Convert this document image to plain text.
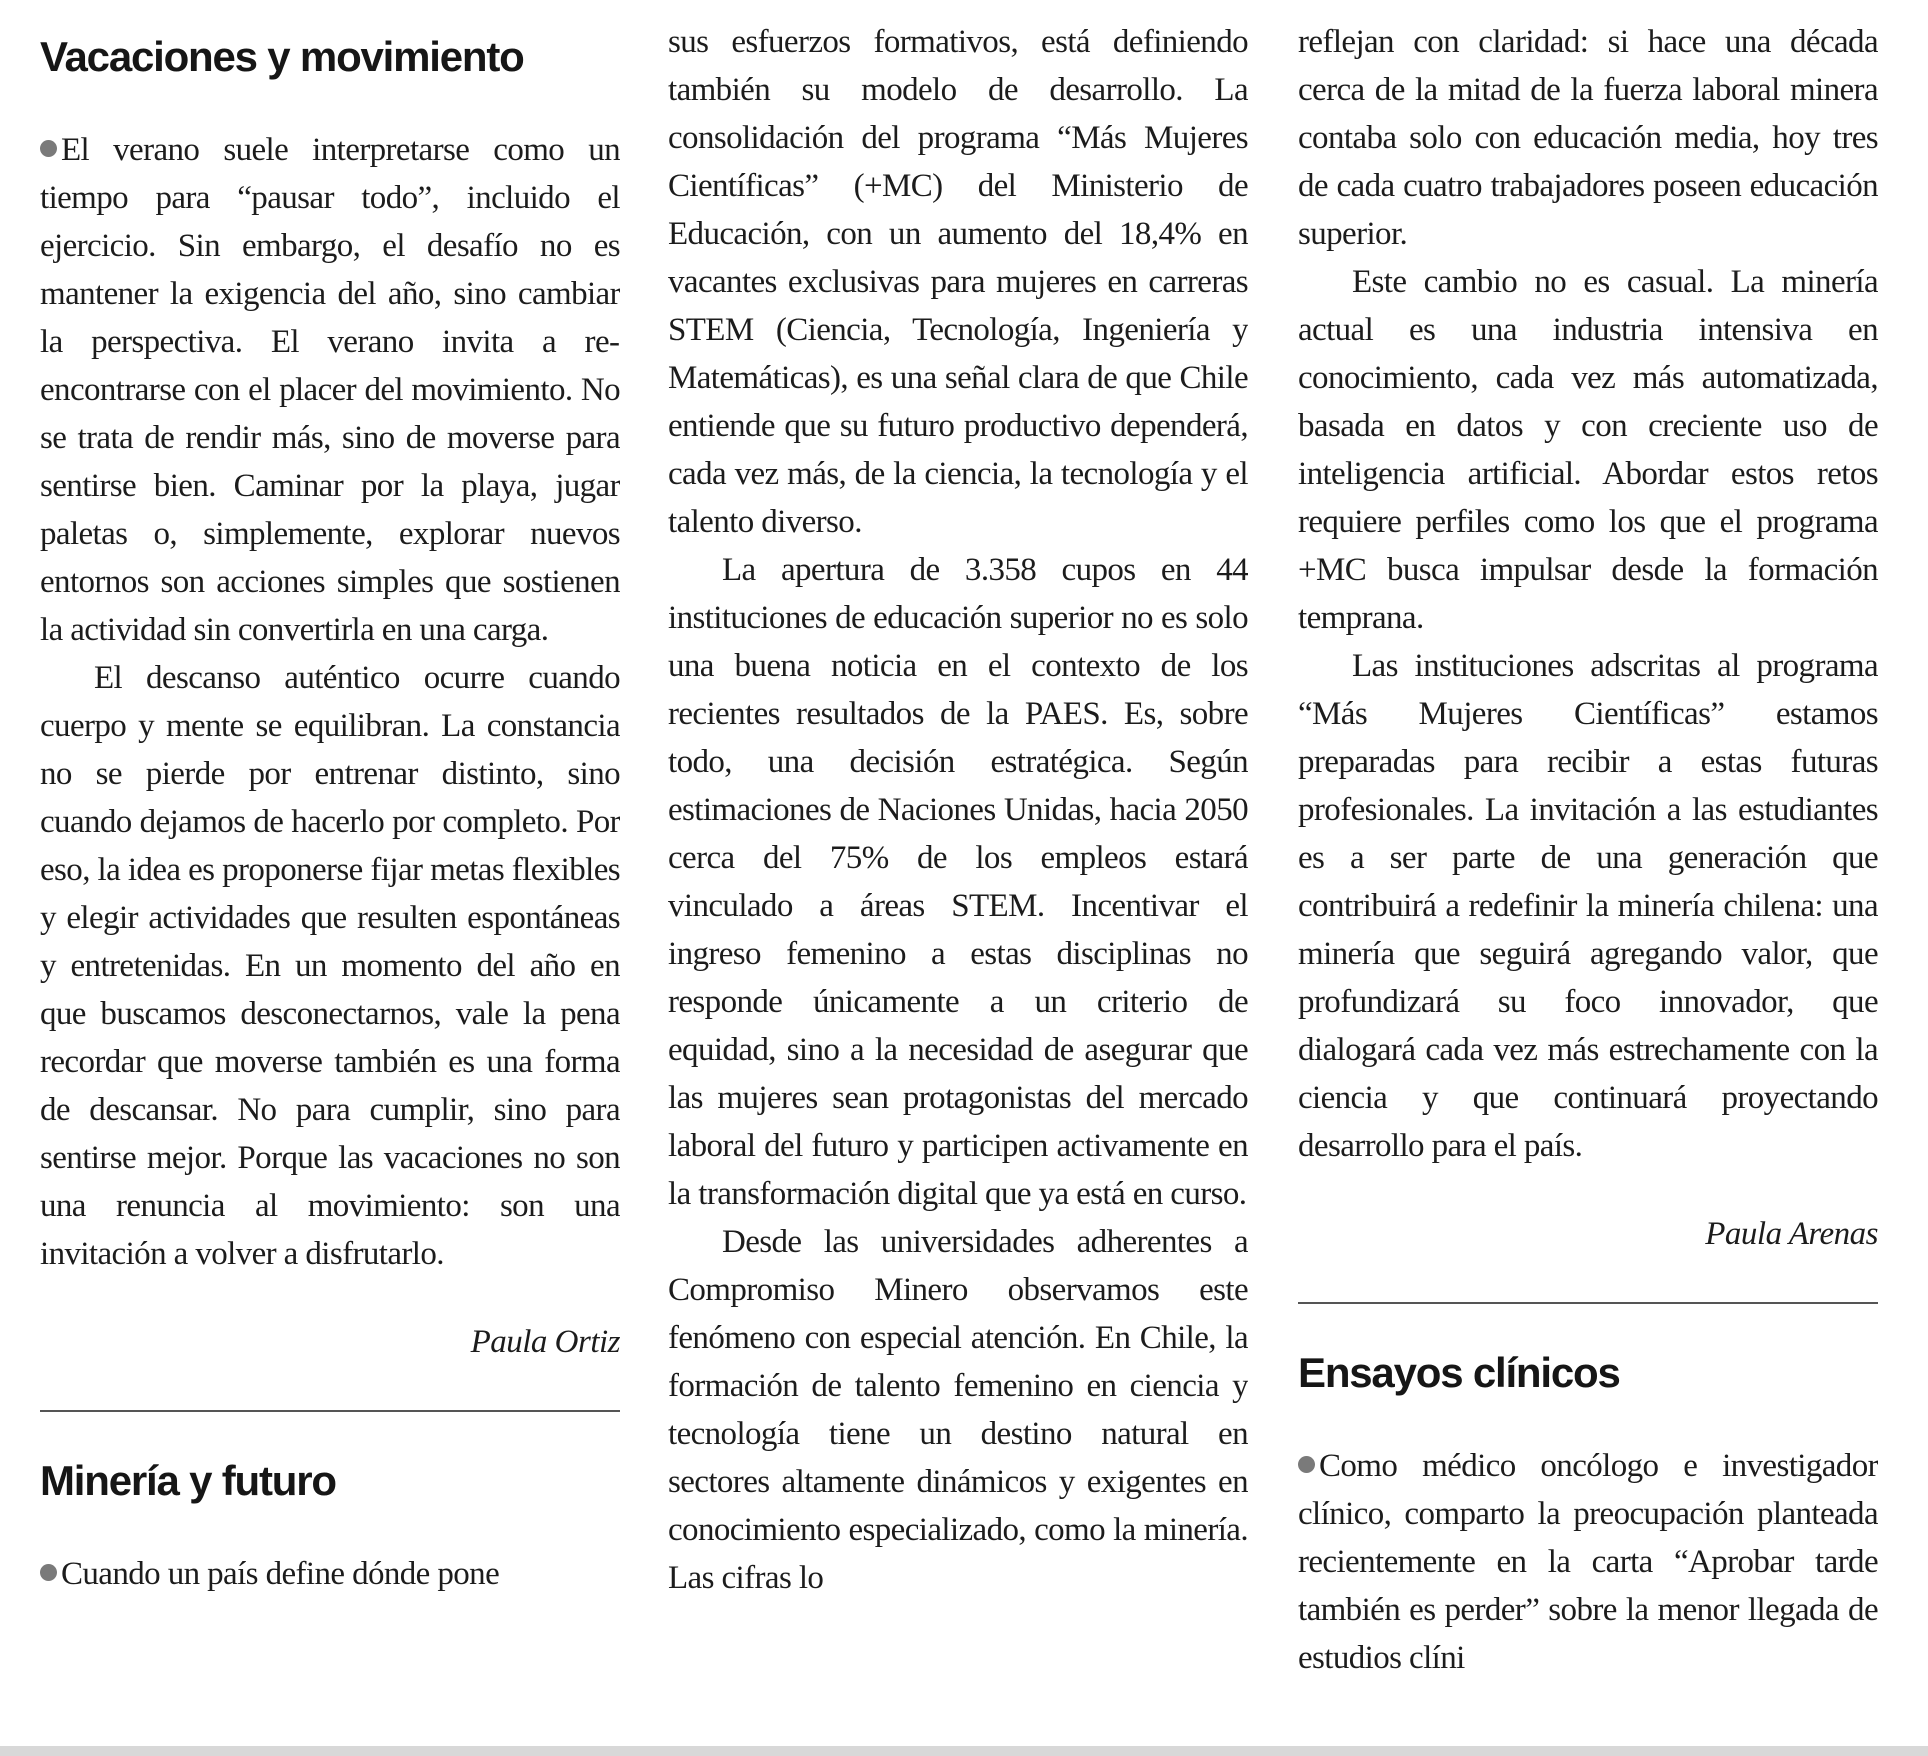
Vacaciones y movimiento

El verano suele interpretarse como un tiempo para “pausar todo”, incluido el ejercicio. Sin embargo, el desafío no es mantener la exigencia del año, sino cambiar la perspectiva. El verano invita a reencontrarse con el placer del movimiento. No se trata de rendir más, sino de moverse para sentirse bien. Caminar por la playa, jugar paletas o, simplemente, explorar nuevos entornos son acciones simples que sostienen la actividad sin convertirla en una carga.

El descanso auténtico ocurre cuando cuerpo y mente se equilibran. La constancia no se pierde por entrenar distinto, sino cuando dejamos de hacerlo por completo. Por eso, la idea es proponerse fijar metas flexibles y elegir actividades que resulten espontáneas y entretenidas. En un momento del año en que buscamos desconectarnos, vale la pena recordar que moverse también es una forma de descansar. No para cumplir, sino para sentirse mejor. Porque las vacaciones no son una renuncia al movimiento: son una invitación a volver a disfrutarlo.

Paula Ortiz
Minería y futuro

Cuando un país define dónde pone

sus esfuerzos formativos, está definiendo también su modelo de desarrollo. La consolidación del programa “Más Mujeres Científicas” (+MC) del Ministerio de Educación, con un aumento del 18,4% en vacantes exclusivas para mujeres en carreras STEM (Ciencia, Tecnología, Ingeniería y Matemáticas), es una señal clara de que Chile entiende que su futuro productivo dependerá, cada vez más, de la ciencia, la tecnología y el talento diverso.

La apertura de 3.358 cupos en 44 instituciones de educación superior no es solo una buena noticia en el contexto de los recientes resultados de la PAES. Es, sobre todo, una decisión estratégica. Según estimaciones de Naciones Unidas, hacia 2050 cerca del 75% de los empleos estará vinculado a áreas STEM. Incentivar el ingreso femenino a estas disciplinas no responde únicamente a un criterio de equidad, sino a la necesidad de asegurar que las mujeres sean protagonistas del mercado laboral del futuro y participen activamente en la transformación digital que ya está en curso.

Desde las universidades adherentes a Compromiso Minero observamos este fenómeno con especial atención. En Chile, la formación de talento femenino en ciencia y tecnología tiene un destino natural en sectores altamente dinámicos y exigentes en conocimiento especializado, como la minería. Las cifras lo

reflejan con claridad: si hace una década cerca de la mitad de la fuerza laboral minera contaba solo con educación media, hoy tres de cada cuatro trabajadores poseen educación superior.

Este cambio no es casual. La minería actual es una industria intensiva en conocimiento, cada vez más automatizada, basada en datos y con creciente uso de inteligencia artificial. Abordar estos retos requiere perfiles como los que el programa +MC busca impulsar desde la formación temprana.

Las instituciones adscritas al programa “Más Mujeres Científicas” estamos preparadas para recibir a estas futuras profesionales. La invitación a las estudiantes es a ser parte de una generación que contribuirá a redefinir la minería chilena: una minería que seguirá agregando valor, que profundizará su foco innovador, que dialogará cada vez más estrechamente con la ciencia y que continuará proyectando desarrollo para el país.

Paula Arenas
Ensayos clínicos

Como médico oncólogo e investigador clínico, comparto la preocupación planteada recientemente en la carta “Aprobar tarde también es perder” sobre la menor llegada de estudios clíni
